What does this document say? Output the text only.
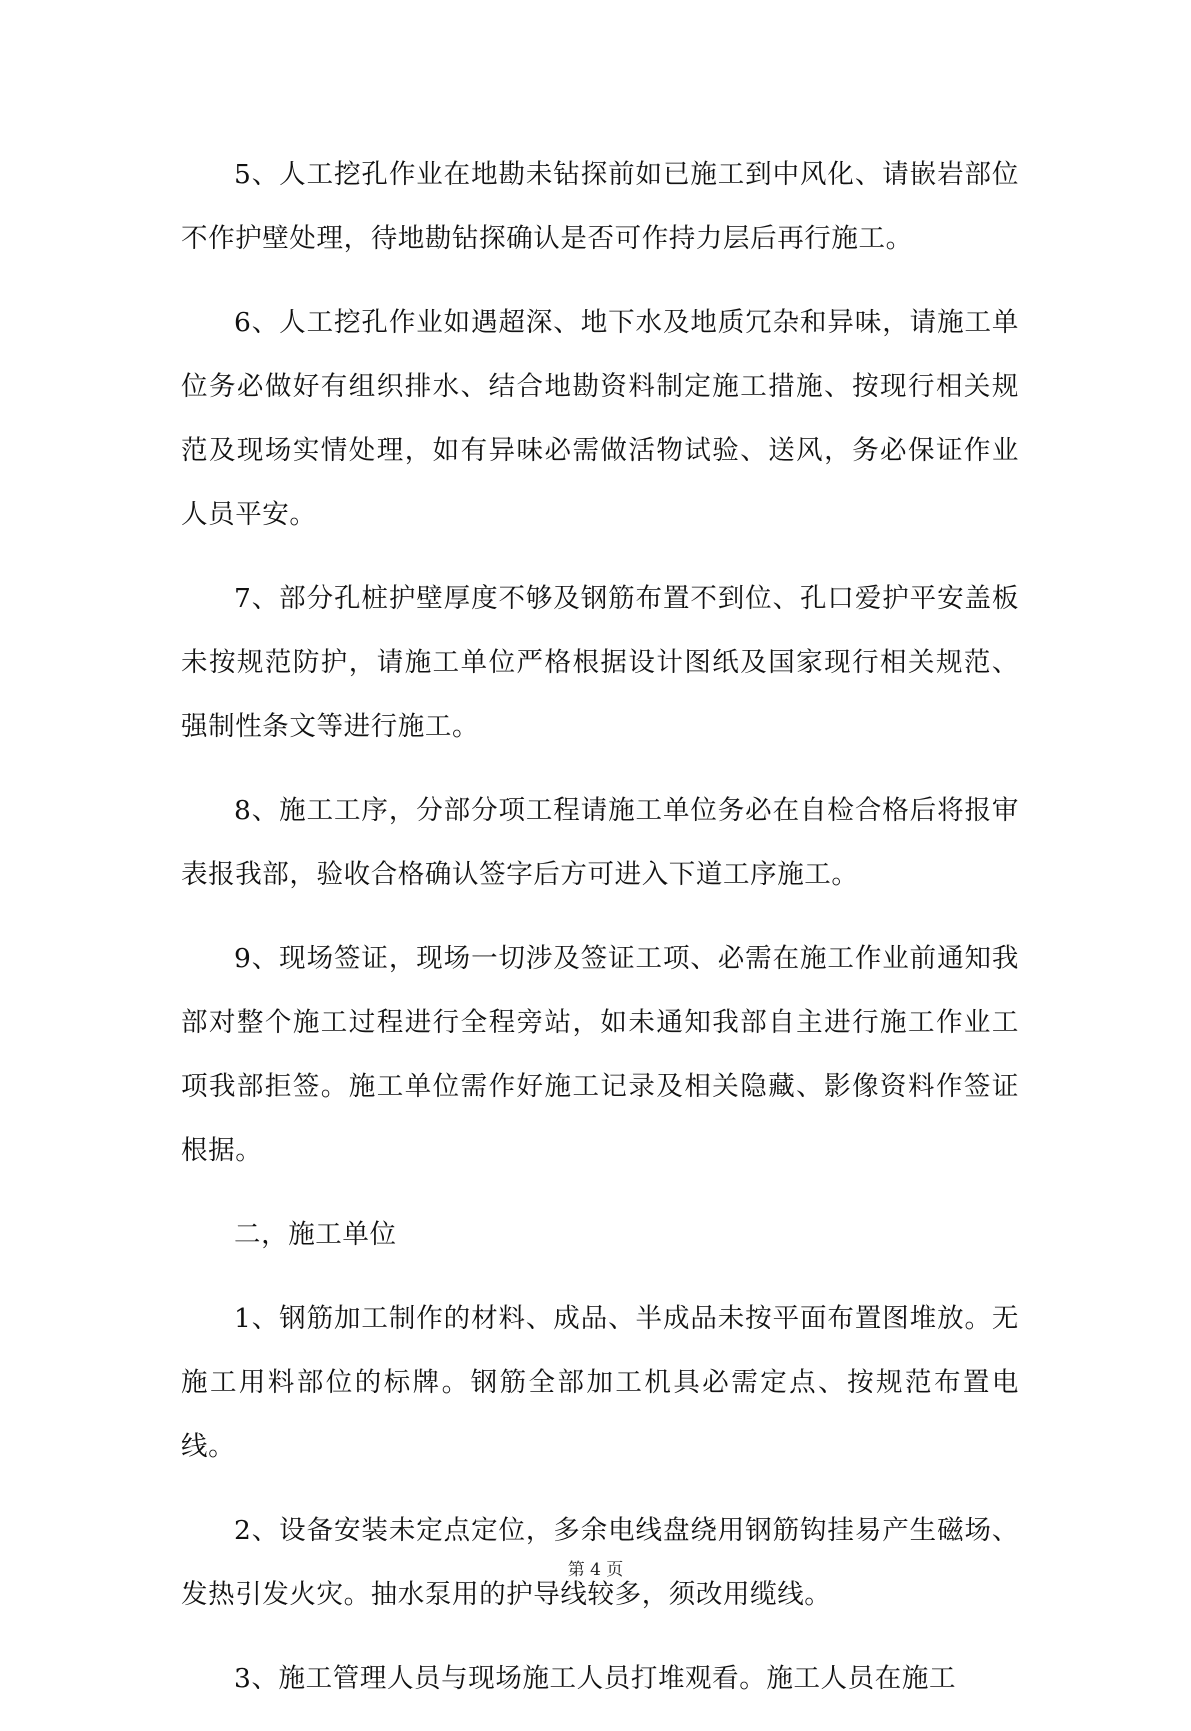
5、人工挖孔作业在地勘未钻探前如已施工到中风化、请嵌岩部位不作护壁处理，待地勘钻探确认是否可作持力层后再行施工。

6、人工挖孔作业如遇超深、地下水及地质冗杂和异味，请施工单位务必做好有组织排水、结合地勘资料制定施工措施、按现行相关规范及现场实情处理，如有异味必需做活物试验、送风，务必保证作业人员平安。

7、部分孔桩护壁厚度不够及钢筋布置不到位、孔口爱护平安盖板未按规范防护，请施工单位严格根据设计图纸及国家现行相关规范、强制性条文等进行施工。

8、施工工序，分部分项工程请施工单位务必在自检合格后将报审表报我部，验收合格确认签字后方可进入下道工序施工。

9、现场签证，现场一切涉及签证工项、必需在施工作业前通知我部对整个施工过程进行全程旁站，如未通知我部自主进行施工作业工项我部拒签。施工单位需作好施工记录及相关隐藏、影像资料作签证根据。

二，施工单位

1、钢筋加工制作的材料、成品、半成品未按平面布置图堆放。无施工用料部位的标牌。钢筋全部加工机具必需定点、按规范布置电线。

2、设备安装未定点定位，多余电线盘绕用钢筋钩挂易产生磁场、发热引发火灾。抽水泵用的护导线较多，须改用缆线。

3、施工管理人员与现场施工人员打堆观看。施工人员在施工

第 4 页
